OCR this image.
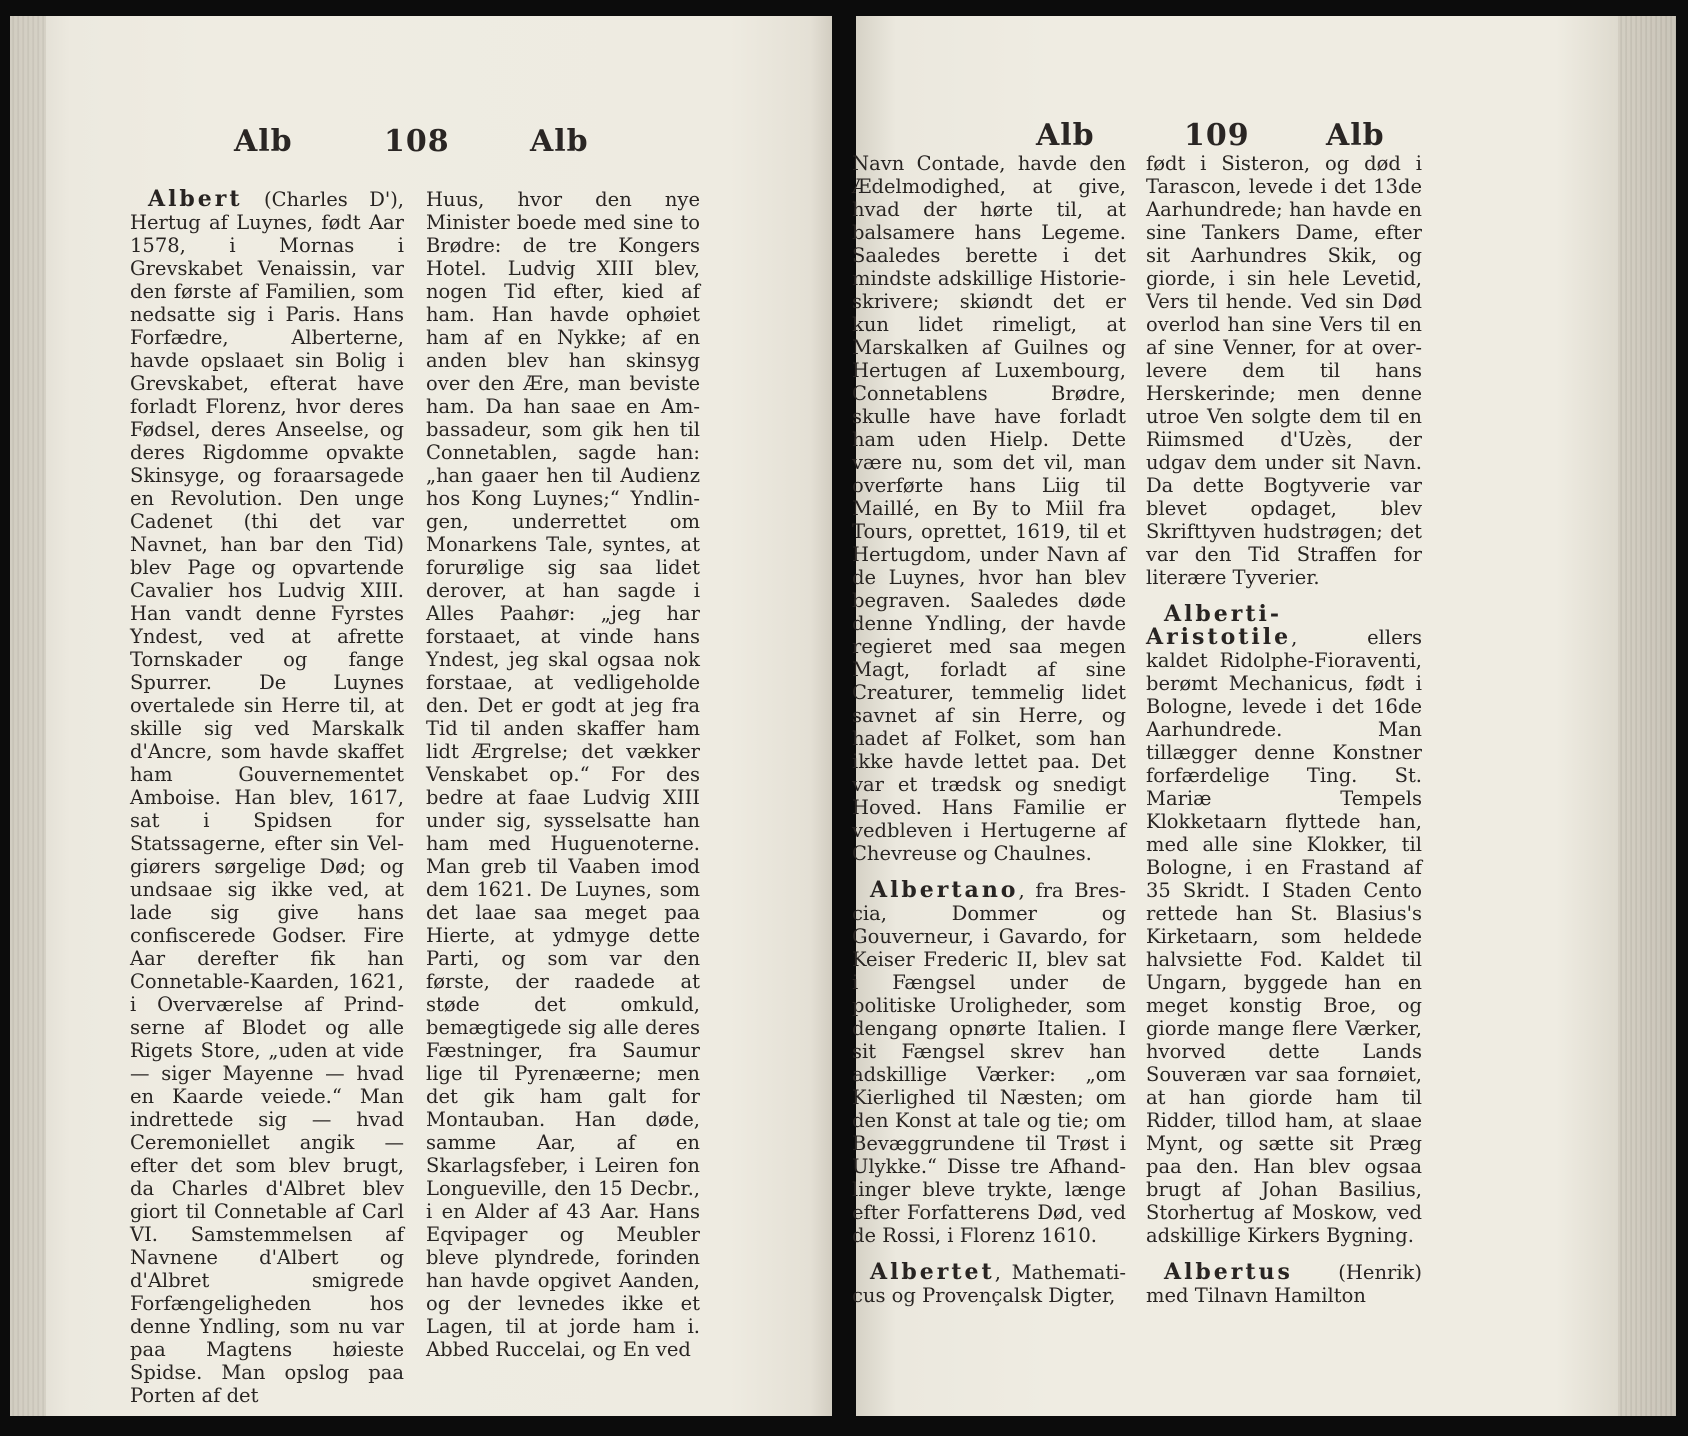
Alb	108	Alb

Albert (Charles D'), Hertug af Luynes, født Aar 1578, i Mornas i Grevskabet Venaissin, var den første af Familien, som nedsatte sig i Paris. Hans Forfædre, Alberterne, havde opslaaet sin Bolig i Grevskabet, efterat have forladt Florenz, hvor deres Fødsel, deres Anseelse, og deres Rigdomme opvakte Skinsyge, og foraarsagede en Revolution. Den unge Cadenet (thi det var Navnet, han bar den Tid) blev Page og opvartende Cavalier hos Ludvig XIII. Han vandt denne Fyrstes Yndest, ved at afrette Tornskader og fange Spurrer. De Luynes overtalede sin Herre til, at skille sig ved Marskalk d'Ancre, som havde skaffet ham Gouvernementet Amboise. Han blev, 1617, sat i Spidsen for Statssagerne, efter sin Velgiørers sørgelige Død; og undsaae sig ikke ved, at lade sig give hans confiscerede Godser. Fire Aar derefter fik han Connetable-Kaarden, 1621, i Overværelse af Prindserne af Blodet og alle Rigets Store, „uden at vide — siger Mayenne — hvad en Kaarde veiede.“ Man indrettede sig — hvad Ceremoniellet angik — efter det som blev brugt, da Charles d'Albret blev giort til Connetable af Carl VI. Samstemmelsen af Navnene d'Albert og d'Albret smigrede Forfængeligheden hos denne Yndling, som nu var paa Magtens høieste Spidse. Man opslog paa Porten af det

Huus, hvor den nye Minister boede med sine to Brødre: de tre Kongers Hotel. Ludvig XIII blev, nogen Tid efter, kied af ham. Han havde ophøiet ham af en Nykke; af en anden blev han skinsyg over den Ære, man beviste ham. Da han saae en Ambassadeur, som gik hen til Connetablen, sagde han: „han gaaer hen til Audienz hos Kong Luynes;“ Yndlingen, underrettet om Monarkens Tale, syntes, at forurølige sig saa lidet derover, at han sagde i Alles Paahør: „jeg har forstaaet, at vinde hans Yndest, jeg skal ogsaa nok forstaae, at vedligeholde den. Det er godt at jeg fra Tid til anden skaffer ham lidt Ærgrelse; det vækker Venskabet op.“ For des bedre at faae Ludvig XIII under sig, sysselsatte han ham med Huguenoterne. Man greb til Vaaben imod dem 1621. De Luynes, som det laae saa meget paa Hierte, at ydmyge dette Parti, og som var den første, der raadede at støde det omkuld, bemægtigede sig alle deres Fæstninger, fra Saumur lige til Pyrenæerne; men det gik ham galt for Montauban. Han døde, samme Aar, af en Skarlagsfeber, i Leiren fon Longueville, den 15 Decbr., i en Alder af 43 Aar. Hans Eqvipager og Meubler bleve plyndrede, forinden han havde opgivet Aanden, og der levnedes ikke et Lagen, til at jorde ham i. Abbed Ruccelai, og En ved

Alb	109	Alb

Navn Contade, havde den Ædelmodighed, at give, hvad der hørte til, at balsamere hans Legeme. Saaledes berette i det mindste adskillige Historieskrivere; skiøndt det er kun lidet rimeligt, at Marskalken af Guilnes og Hertugen af Luxembourg, Connetablens Brødre, skulle have have forladt ham uden Hielp. Dette være nu, som det vil, man overførte hans Liig til Maillé, en By to Miil fra Tours, oprettet, 1619, til et Hertugdom, under Navn af de Luynes, hvor han blev begraven. Saaledes døde denne Yndling, der havde regieret med saa megen Magt, forladt af sine Creaturer, temmelig lidet savnet af sin Herre, og hadet af Folket, som han ikke havde lettet paa. Det var et trædsk og snedigt Hoved. Hans Familie er vedbleven i Hertugerne af Chevreuse og Chaulnes.

Albertano, fra Brescia, Dommer og Gouverneur, i Gavardo, for Keiser Frederic II, blev sat i Fængsel under de politiske Uroligheder, som dengang opnørte Italien. I sit Fængsel skrev han adskillige Værker: „om Kierlighed til Næsten; om den Konst at tale og tie; om Bevæggrundene til Trøst i Ulykke.“ Disse tre Afhandlinger bleve trykte, længe efter Forfatterens Død, ved de Rossi, i Florenz 1610.

Albertet, Mathematicus og Provençalsk Digter,

født i Sisteron, og død i Tarascon, levede i det 13de Aarhundrede; han havde en sine Tankers Dame, efter sit Aarhundres Skik, og giorde, i sin hele Levetid, Vers til hende. Ved sin Død overlod han sine Vers til en af sine Venner, for at overlevere dem til hans Herskerinde; men denne utroe Ven solgte dem til en Riimsmed d'Uzès, der udgav dem under sit Navn. Da dette Bogtyverie var blevet opdaget, blev Skrifttyven hudstrøgen; det var den Tid Straffen for literære Tyverier.

Alberti-Aristotile, ellers kaldet Ridolphe-Fioraventi, berømt Mechanicus, født i Bologne, levede i det 16de Aarhundrede. Man tillægger denne Konstner forfærdelige Ting. St. Mariæ Tempels Klokketaarn flyttede han, med alle sine Klokker, til Bologne, i en Frastand af 35 Skridt. I Staden Cento rettede han St. Blasius's Kirketaarn, som heldede halvsiette Fod. Kaldet til Ungarn, byggede han en meget konstig Broe, og giorde mange flere Værker, hvorved dette Lands Souveræn var saa fornøiet, at han giorde ham til Ridder, tillod ham, at slaae Mynt, og sætte sit Præg paa den. Han blev ogsaa brugt af Johan Basilius, Storhertug af Moskow, ved adskillige Kirkers Bygning.

Albertus (Henrik) med Tilnavn Hamilton
